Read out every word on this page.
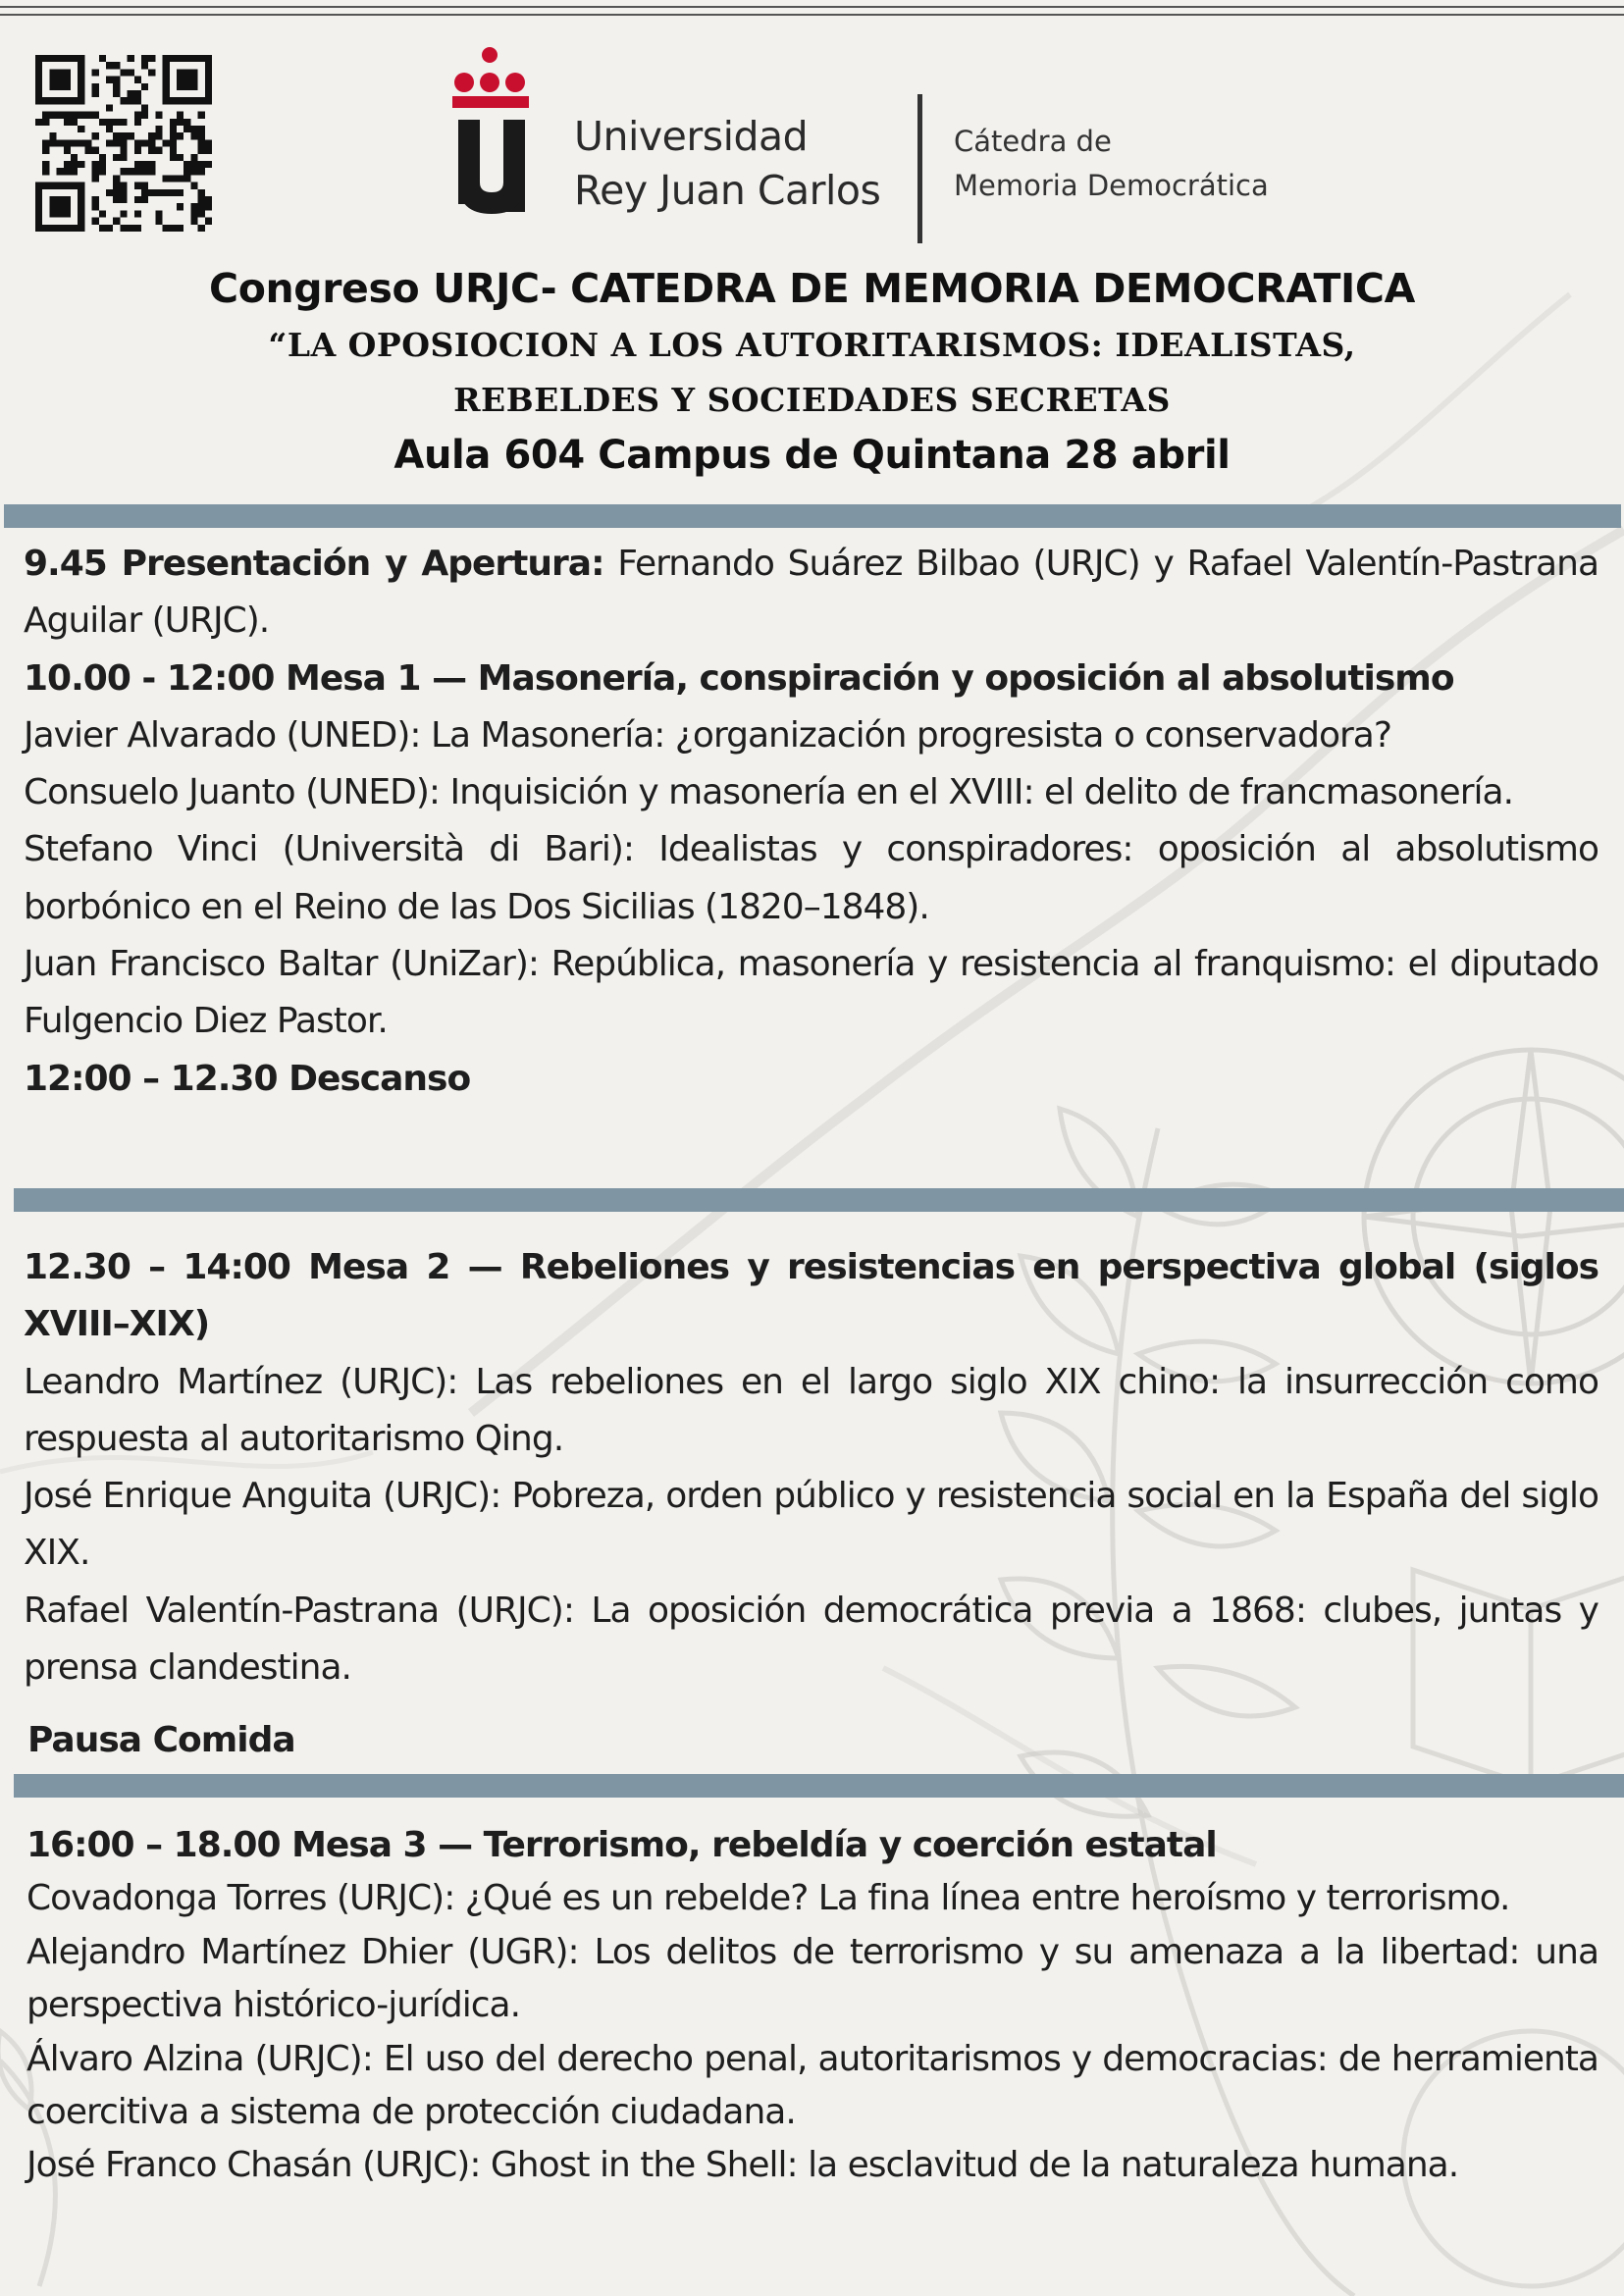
Universidad
Rey Juan Carlos
Cátedra de
Memoria Democrática
Congreso URJC- CATEDRA DE MEMORIA DEMOCRATICA
“LA OPOSIOCION A LOS AUTORITARISMOS: IDEALISTAS,
REBELDES Y SOCIEDADES SECRETAS
Aula 604 Campus de Quintana 28 abril

9.45 Presentación y Apertura: Fernando Suárez Bilbao (URJC) y Rafael Valentín-Pastrana Aguilar (URJC).

10.00 - 12:00 Mesa 1 — Masonería, conspiración y oposición al absolutismo

Javier Alvarado (UNED): La Masonería: ¿organización progresista o conservadora?

Consuelo Juanto (UNED): Inquisición y masonería en el XVIII: el delito de francmasonería.

Stefano Vinci (Università di Bari): Idealistas y conspiradores: oposición al absolutismo borbónico en el Reino de las Dos Sicilias (1820–1848).

Juan Francisco Baltar (UniZar): República, masonería y resistencia al franquismo: el diputado Fulgencio Diez Pastor.

12:00 – 12.30 Descanso

12.30 – 14:00 Mesa 2 — Rebeliones y resistencias en perspectiva global (siglos XVIII–XIX)

Leandro Martínez (URJC): Las rebeliones en el largo siglo XIX chino: la insurrección como respuesta al autoritarismo Qing.

José Enrique Anguita (URJC): Pobreza, orden público y resistencia social en la España del siglo XIX.

Rafael Valentín-Pastrana (URJC): La oposición democrática previa a 1868: clubes, juntas y prensa clandestina.

Pausa Comida

16:00 – 18.00 Mesa 3 — Terrorismo, rebeldía y coerción estatal

Covadonga Torres (URJC): ¿Qué es un rebelde? La fina línea entre heroísmo y terrorismo.

Alejandro Martínez Dhier (UGR): Los delitos de terrorismo y su amenaza a la libertad: una perspectiva histórico-jurídica.

Álvaro Alzina (URJC): El uso del derecho penal, autoritarismos y democracias: de herramienta coercitiva a sistema de protección ciudadana.

José Franco Chasán (URJC): Ghost in the Shell: la esclavitud de la naturaleza humana.
